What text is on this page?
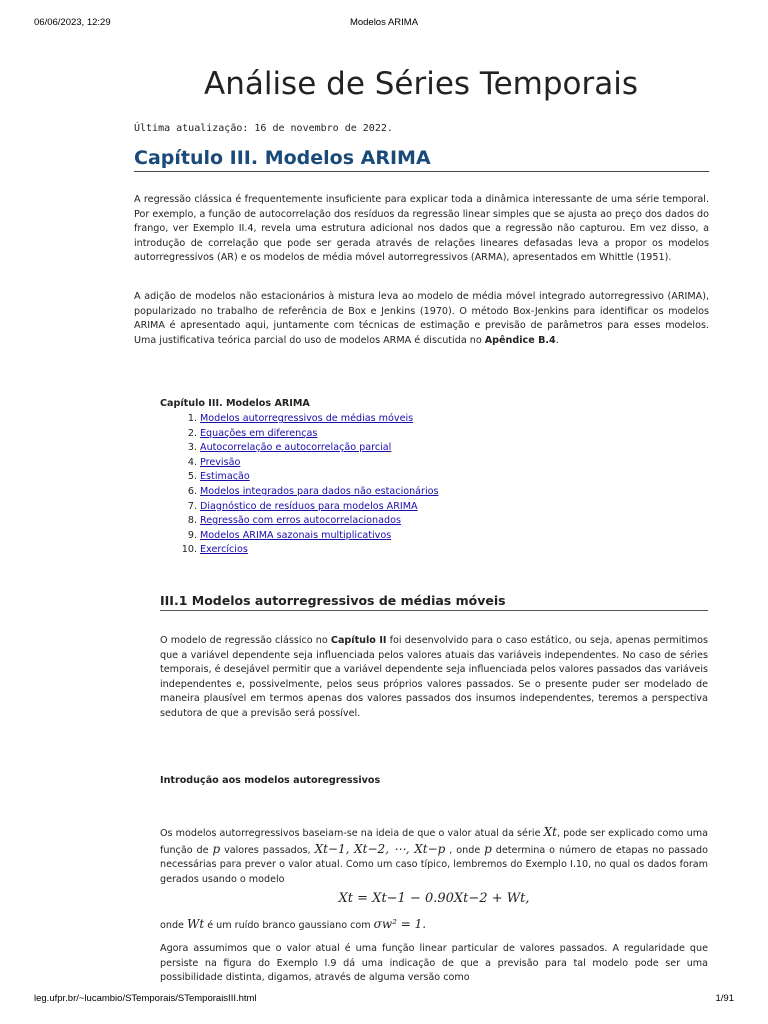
06/06/2023, 12:29	Modelos ARIMA
Análise de Séries Temporais
Última atualização: 16 de novembro de 2022.
Capítulo III. Modelos ARIMA

A regressão clássica é frequentemente insuficiente para explicar toda a dinâmica interessante de uma série temporal. Por exemplo, a função de autocorrelação dos resíduos da regressão linear simples que se ajusta ao preço dos dados do frango, ver Exemplo II.4, revela uma estrutura adicional nos dados que a regressão não capturou. Em vez disso, a introdução de correlação que pode ser gerada através de relações lineares defasadas leva a propor os modelos autorregressivos (AR) e os modelos de média móvel autorregressivos (ARMA), apresentados em Whittle (1951).

A adição de modelos não estacionários à mistura leva ao modelo de média móvel integrado autorregressivo (ARIMA), popularizado no trabalho de referência de Box e Jenkins (1970). O método Box-Jenkins para identificar os modelos ARIMA é apresentado aqui, juntamente com técnicas de estimação e previsão de parâmetros para esses modelos. Uma justificativa teórica parcial do uso de modelos ARMA é discutida no Apêndice B.4.

Capítulo III. Modelos ARIMA
1. Modelos autorregressivos de médias móveis
2. Equações em diferenças
3. Autocorrelação e autocorrelação parcial
4. Previsão
5. Estimação
6. Modelos integrados para dados não estacionários
7. Diagnóstico de resíduos para modelos ARIMA
8. Regressão com erros autocorrelacionados
9. Modelos ARIMA sazonais multiplicativos
10. Exercícios
III.1 Modelos autorregressivos de médias móveis

O modelo de regressão clássico no Capítulo II foi desenvolvido para o caso estático, ou seja, apenas permitimos que a variável dependente seja influenciada pelos valores atuais das variáveis independentes. No caso de séries temporais, é desejável permitir que a variável dependente seja influenciada pelos valores passados das variáveis independentes e, possivelmente, pelos seus próprios valores passados. Se o presente puder ser modelado de maneira plausível em termos apenas dos valores passados dos insumos independentes, teremos a perspectiva sedutora de que a previsão será possível.

Introdução aos modelos autoregressivos

Os modelos autorregressivos baseiam-se na ideia de que o valor atual da série Xt, pode ser explicado como uma função de p valores passados, Xt−1, Xt−2, ⋯, Xt−p , onde p determina o número de etapas no passado necessárias para prever o valor atual. Como um caso típico, lembremos do Exemplo I.10, no qual os dados foram gerados usando o modelo

Xt = Xt−1 − 0.90Xt−2 + Wt,

onde Wt é um ruído branco gaussiano com σw² = 1.

Agora assumimos que o valor atual é uma função linear particular de valores passados. A regularidade que persiste na figura do Exemplo I.9 dá uma indicação de que a previsão para tal modelo pode ser uma possibilidade distinta, digamos, através de alguma versão como

leg.ufpr.br/~lucambio/STemporais/STemporaisIII.html	1/91
